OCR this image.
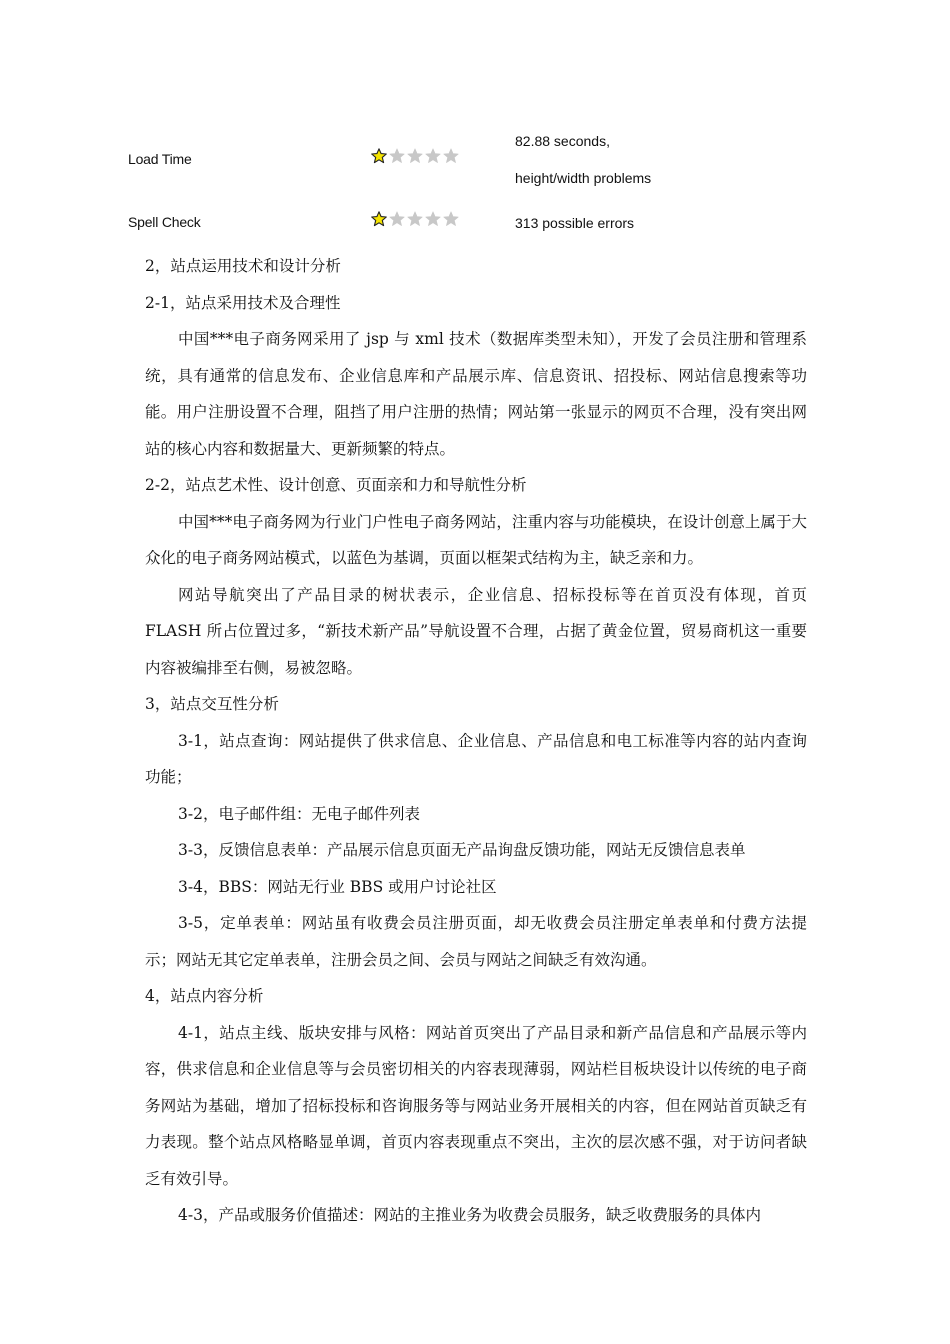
Load Time
82.88 seconds,
height/width problems
Spell Check	313 possible errors

2，站点运用技术和设计分析

2-1，站点采用技术及合理性

中国***电子商务网采用了 jsp 与 xml 技术（数据库类型未知），开发了会员注册和管理系统，具有通常的信息发布、企业信息库和产品展示库、信息资讯、招投标、网站信息搜索等功能。用户注册设置不合理，阻挡了用户注册的热情；网站第一张显示的网页不合理，没有突出网站的核心内容和数据量大、更新频繁的特点。

2-2，站点艺术性、设计创意、页面亲和力和导航性分析

中国***电子商务网为行业门户性电子商务网站，注重内容与功能模块，在设计创意上属于大众化的电子商务网站模式，以蓝色为基调，页面以框架式结构为主，缺乏亲和力。

网站导航突出了产品目录的树状表示，企业信息、招标投标等在首页没有体现，首页 FLASH 所占位置过多，“新技术新产品”导航设置不合理，占据了黄金位置，贸易商机这一重要内容被编排至右侧，易被忽略。

3，站点交互性分析

3-1，站点查询：网站提供了供求信息、企业信息、产品信息和电工标准等内容的站内查询功能；

3-2，电子邮件组：无电子邮件列表

3-3，反馈信息表单：产品展示信息页面无产品询盘反馈功能，网站无反馈信息表单

3-4，BBS：网站无行业 BBS 或用户讨论社区

3-5，定单表单：网站虽有收费会员注册页面，却无收费会员注册定单表单和付费方法提示；网站无其它定单表单，注册会员之间、会员与网站之间缺乏有效沟通。

4，站点内容分析

4-1，站点主线、版块安排与风格：网站首页突出了产品目录和新产品信息和产品展示等内容，供求信息和企业信息等与会员密切相关的内容表现薄弱，网站栏目板块设计以传统的电子商务网站为基础，增加了招标投标和咨询服务等与网站业务开展相关的内容，但在网站首页缺乏有力表现。整个站点风格略显单调，首页内容表现重点不突出，主次的层次感不强，对于访问者缺乏有效引导。

4-3，产品或服务价值描述：网站的主推业务为收费会员服务，缺乏收费服务的具体内
